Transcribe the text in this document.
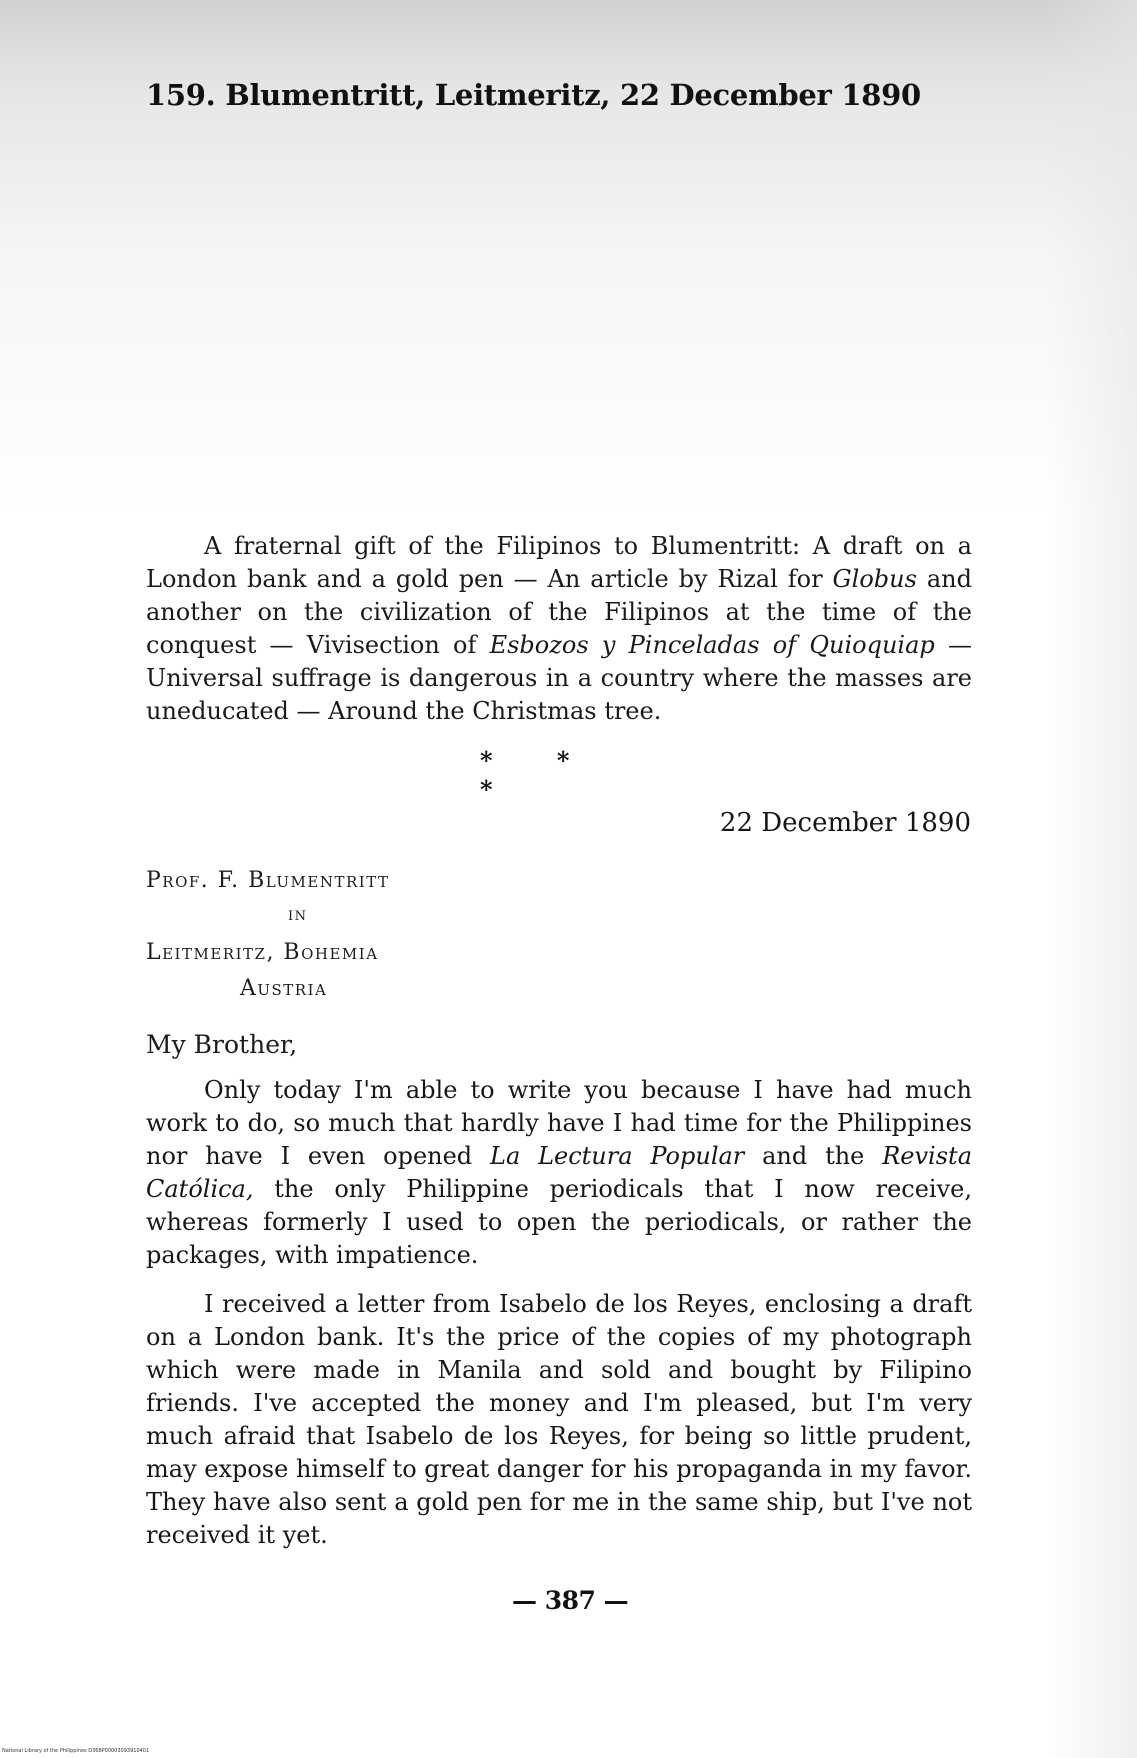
159. Blumentritt, Leitmeritz, 22 December 1890

A fraternal gift of the Filipinos to Blumentritt: A draft on a London bank and a gold pen — An article by Rizal for Globus and another on the civilization of the Filipinos at the time of the conquest — Vivisection of Esbozos y Pinceladas of Quioquiap — Universal suffrage is dangerous in a country where the masses are uneducated — Around the Christmas tree.

* * *
22 December 1890
Prof. F. Blumentritt
in
Leitmeritz, Bohemia
Austria
My Brother,

Only today I'm able to write you because I have had much work to do, so much that hardly have I had time for the Philippines nor have I even opened La Lectura Popular and the Revista Católica, the only Philippine periodicals that I now receive, whereas formerly I used to open the periodicals, or rather the packages, with impatience.

I received a letter from Isabelo de los Reyes, enclosing a draft on a London bank. It's the price of the copies of my photograph which were made in Manila and sold and bought by Filipino friends. I've accepted the money and I'm pleased, but I'm very much afraid that Isabelo de los Reyes, for being so little prudent, may expose himself to great danger for his propaganda in my favor. They have also sent a gold pen for me in the same ship, but I've not received it yet.

— 387 —
National Library of the Philippines D368P00003093910401
